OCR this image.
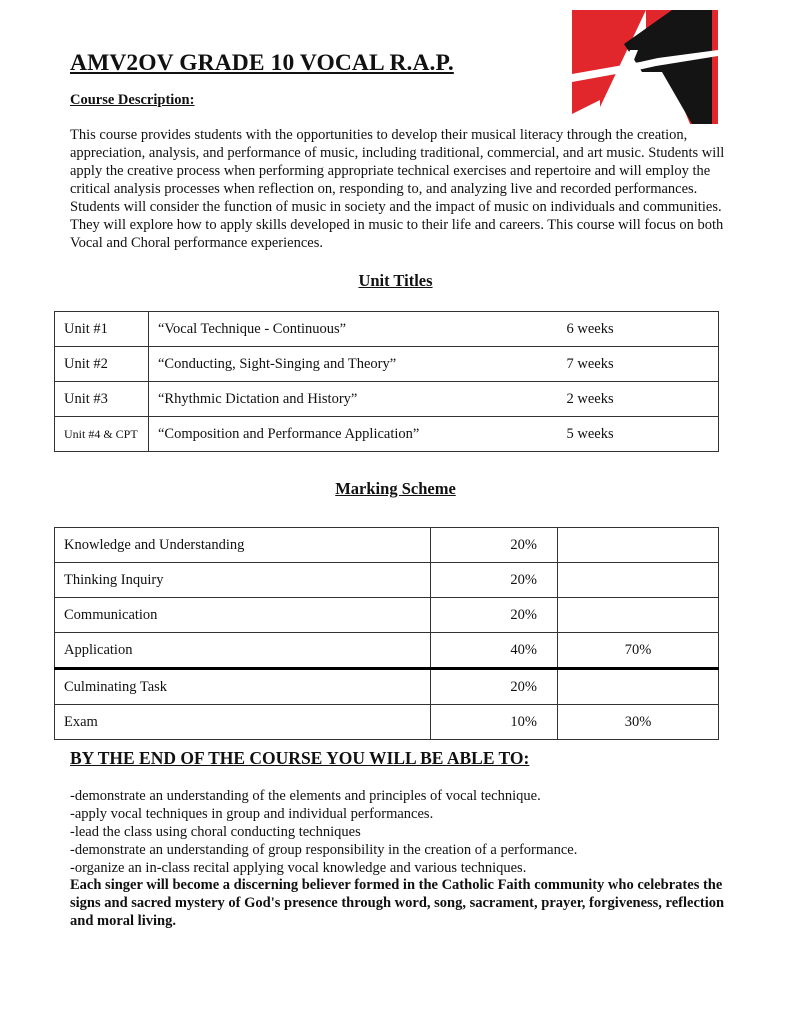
AMV2OV GRADE 10 VOCAL R.A.P.

Course Description:

This course provides students with the opportunities to develop their musical literacy through the creation, appreciation, analysis, and performance of music, including traditional, commercial, and art music. Students will apply the creative process when performing appropriate technical exercises and repertoire and will employ the critical analysis processes when reflection on, responding to, and analyzing live and recorded performances. Students will consider the function of music in society and the impact of music on individuals and communities. They will explore how to apply skills developed in music to their life and careers. This course will focus on both Vocal and Choral performance experiences.

Unit Titles
Unit #1	“Vocal Technique - Continuous”	6 weeks
Unit #2	“Conducting, Sight-Singing and Theory”	7 weeks
Unit #3	“Rhythmic Dictation and History”	2 weeks
Unit #4 & CPT	“Composition and Performance Application”	5 weeks
Marking Scheme
Knowledge and Understanding	20%	
Thinking Inquiry	20%	
Communication	20%	
Application	40%	70%
Culminating Task	20%	
Exam	10%	30%
BY THE END OF THE COURSE YOU WILL BE ABLE TO:
-demonstrate an understanding of the elements and principles of vocal technique.
-apply vocal techniques in group and individual performances.
-lead the class using choral conducting techniques
-demonstrate an understanding of group responsibility in the creation of a performance.
-organize an in-class recital applying vocal knowledge and various techniques.

Each singer will become a discerning believer formed in the Catholic Faith community who celebrates the signs and sacred mystery of God's presence through word, song, sacrament, prayer, forgiveness, reflection and moral living.
